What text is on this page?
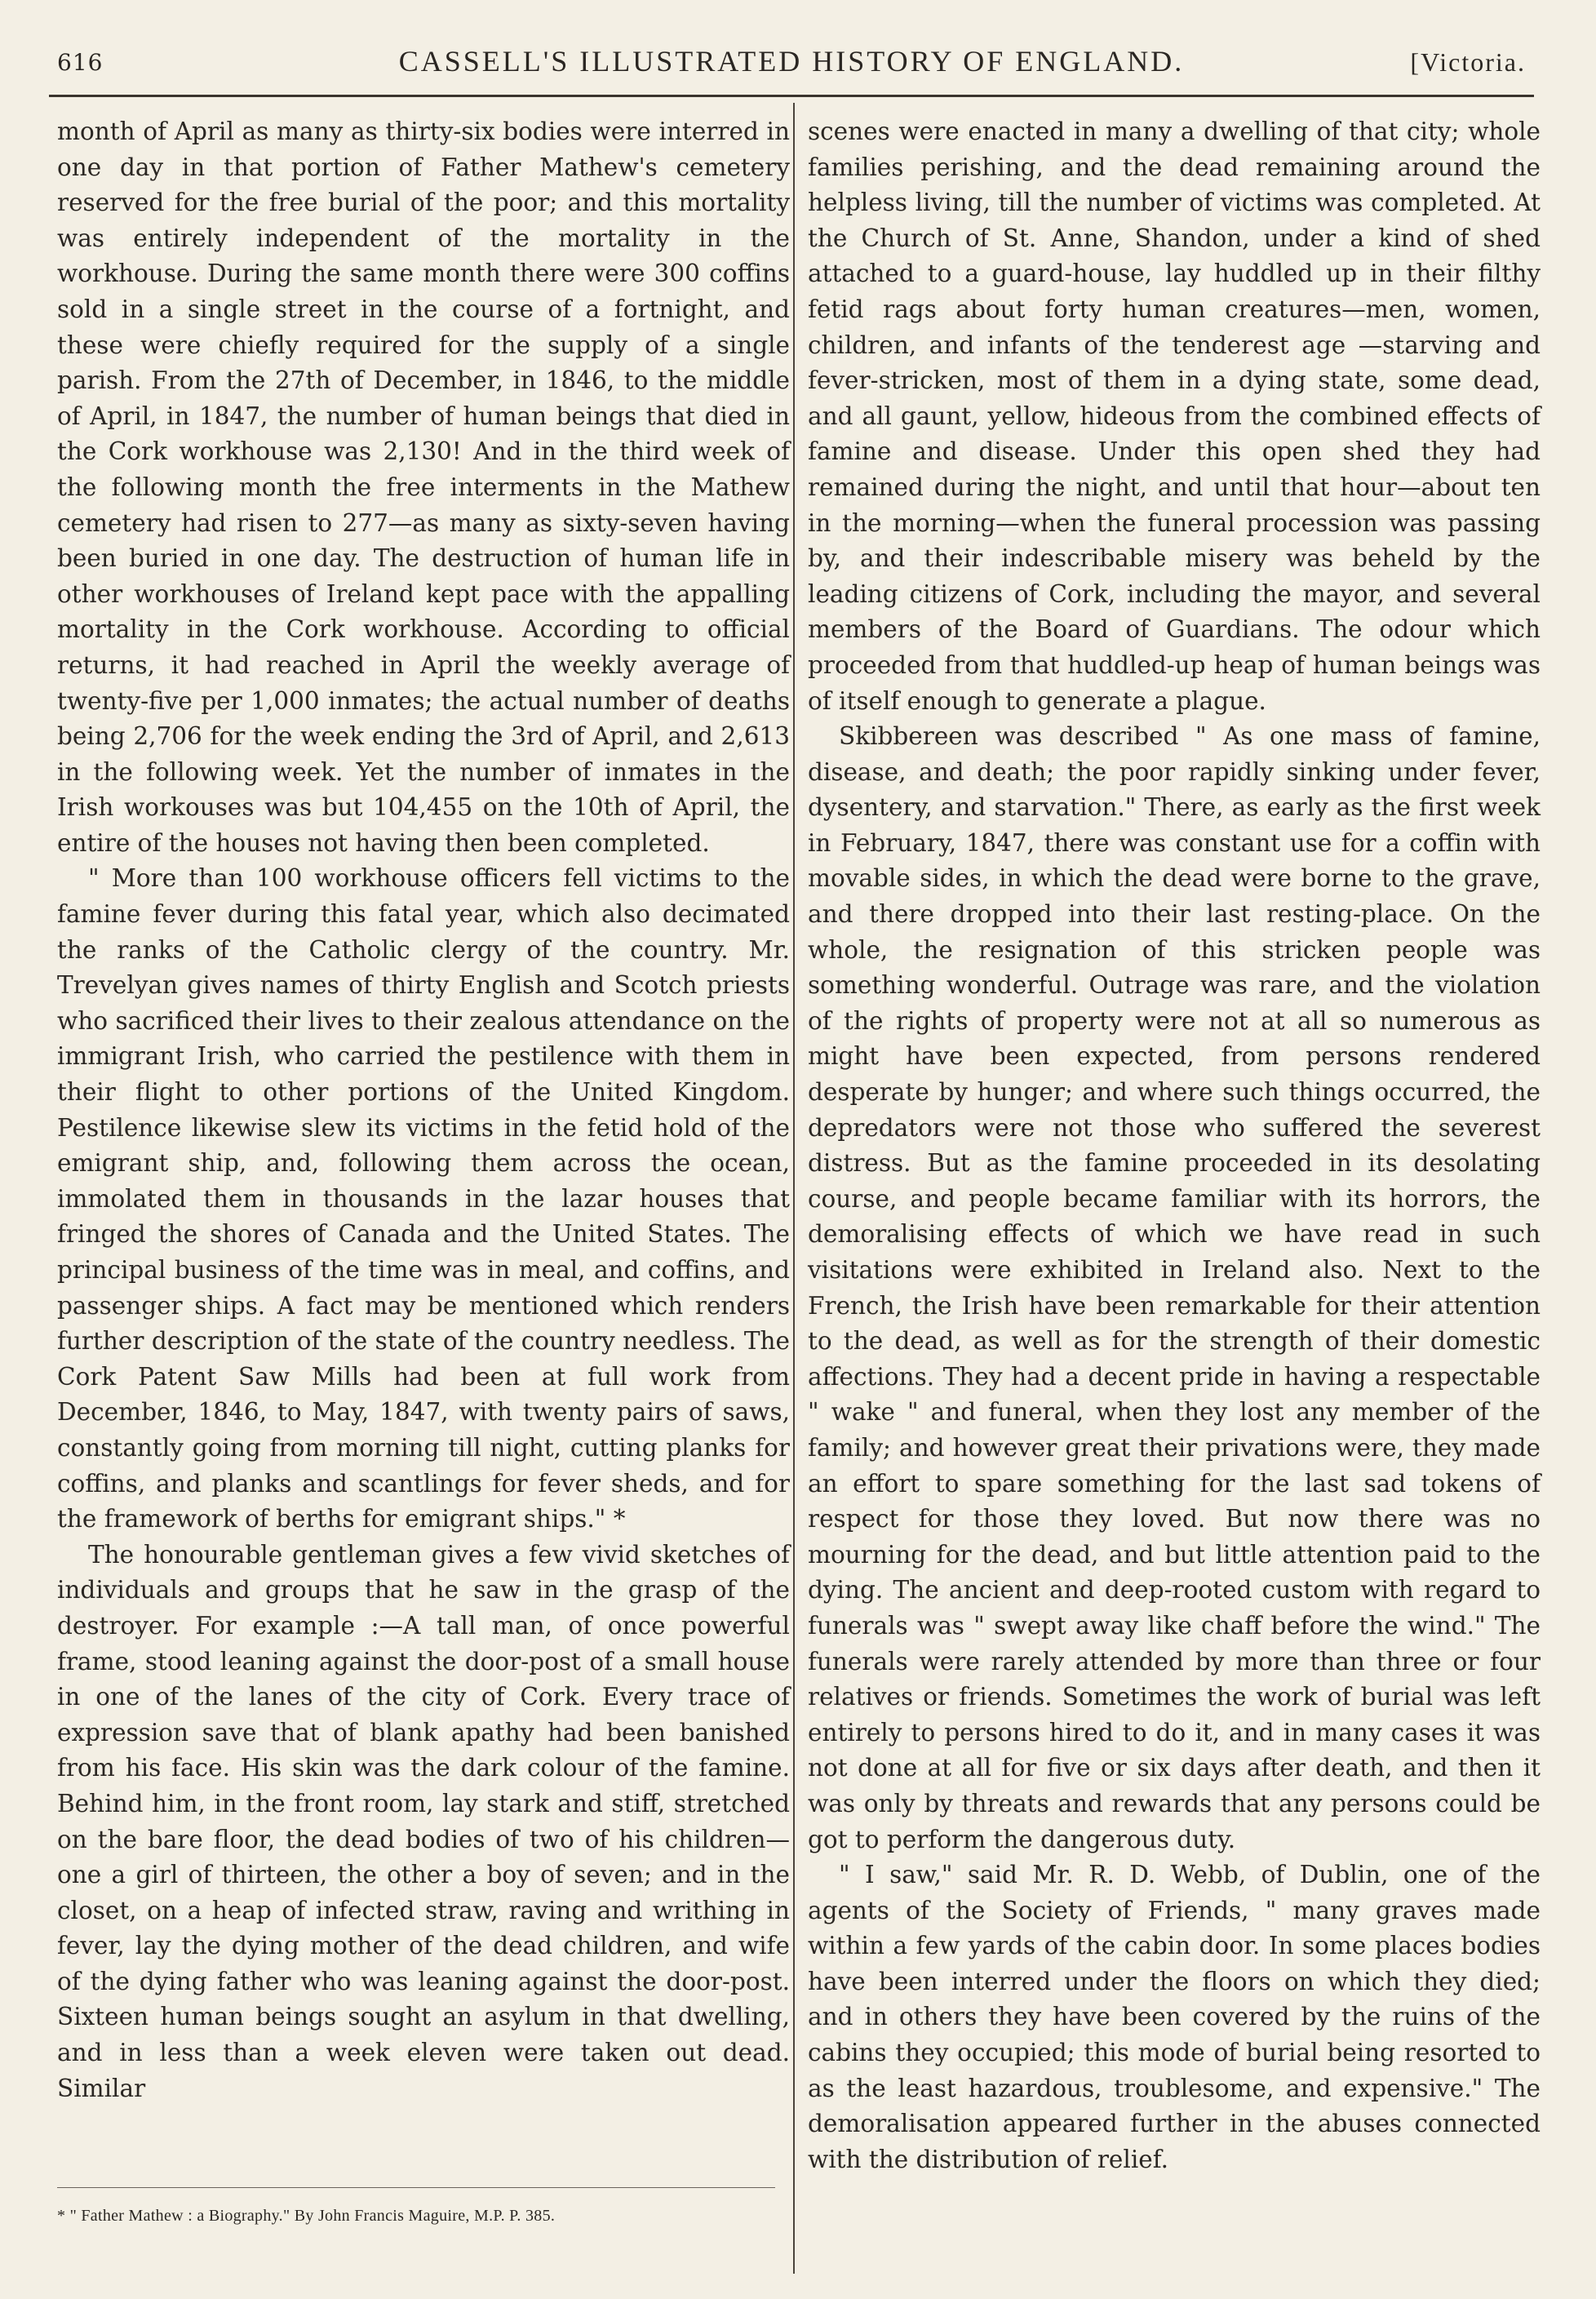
616	CASSELL'S ILLUSTRATED HISTORY OF ENGLAND.	[Victoria.

month of April as many as thirty-six bodies were interred in one day in that portion of Father Mathew's cemetery reserved for the free burial of the poor; and this mortality was entirely independent of the mortality in the workhouse. During the same month there were 300 coffins sold in a single street in the course of a fortnight, and these were chiefly required for the supply of a single parish. From the 27th of December, in 1846, to the middle of April, in 1847, the number of human beings that died in the Cork workhouse was 2,130! And in the third week of the following month the free interments in the Mathew cemetery had risen to 277—as many as sixty-seven having been buried in one day. The destruction of human life in other workhouses of Ireland kept pace with the appalling mortality in the Cork workhouse. According to official returns, it had reached in April the weekly average of twenty-five per 1,000 inmates; the actual number of deaths being 2,706 for the week ending the 3rd of April, and 2,613 in the following week. Yet the number of inmates in the Irish workouses was but 104,455 on the 10th of April, the entire of the houses not having then been completed.

" More than 100 workhouse officers fell victims to the famine fever during this fatal year, which also decimated the ranks of the Catholic clergy of the country. Mr. Trevelyan gives names of thirty English and Scotch priests who sacrificed their lives to their zealous attendance on the immigrant Irish, who carried the pestilence with them in their flight to other portions of the United Kingdom. Pestilence likewise slew its victims in the fetid hold of the emigrant ship, and, following them across the ocean, immolated them in thousands in the lazar houses that fringed the shores of Canada and the United States. The principal business of the time was in meal, and coffins, and passenger ships. A fact may be mentioned which renders further description of the state of the country needless. The Cork Patent Saw Mills had been at full work from December, 1846, to May, 1847, with twenty pairs of saws, constantly going from morning till night, cutting planks for coffins, and planks and scantlings for fever sheds, and for the framework of berths for emigrant ships." *

The honourable gentleman gives a few vivid sketches of individuals and groups that he saw in the grasp of the destroyer. For example :—A tall man, of once powerful frame, stood leaning against the door-post of a small house in one of the lanes of the city of Cork. Every trace of expression save that of blank apathy had been banished from his face. His skin was the dark colour of the famine. Behind him, in the front room, lay stark and stiff, stretched on the bare floor, the dead bodies of two of his children—one a girl of thirteen, the other a boy of seven; and in the closet, on a heap of infected straw, raving and writhing in fever, lay the dying mother of the dead children, and wife of the dying father who was leaning against the door-post. Sixteen human beings sought an asylum in that dwelling, and in less than a week eleven were taken out dead. Similar

scenes were enacted in many a dwelling of that city; whole families perishing, and the dead remaining around the helpless living, till the number of victims was completed. At the Church of St. Anne, Shandon, under a kind of shed attached to a guard-house, lay huddled up in their filthy fetid rags about forty human creatures—men, women, children, and infants of the tenderest age —starving and fever-stricken, most of them in a dying state, some dead, and all gaunt, yellow, hideous from the combined effects of famine and disease. Under this open shed they had remained during the night, and until that hour—about ten in the morning—when the funeral procession was passing by, and their indescribable misery was beheld by the leading citizens of Cork, including the mayor, and several members of the Board of Guardians. The odour which proceeded from that huddled-up heap of human beings was of itself enough to generate a plague.

Skibbereen was described " As one mass of famine, disease, and death; the poor rapidly sinking under fever, dysentery, and starvation." There, as early as the first week in February, 1847, there was constant use for a coffin with movable sides, in which the dead were borne to the grave, and there dropped into their last resting-place. On the whole, the resignation of this stricken people was something wonderful. Outrage was rare, and the violation of the rights of property were not at all so numerous as might have been expected, from persons rendered desperate by hunger; and where such things occurred, the depredators were not those who suffered the severest distress. But as the famine proceeded in its desolating course, and people became familiar with its horrors, the demoralising effects of which we have read in such visitations were exhibited in Ireland also. Next to the French, the Irish have been remarkable for their attention to the dead, as well as for the strength of their domestic affections. They had a decent pride in having a respectable " wake " and funeral, when they lost any member of the family; and however great their privations were, they made an effort to spare something for the last sad tokens of respect for those they loved. But now there was no mourning for the dead, and but little attention paid to the dying. The ancient and deep-rooted custom with regard to funerals was " swept away like chaff before the wind." The funerals were rarely attended by more than three or four relatives or friends. Sometimes the work of burial was left entirely to persons hired to do it, and in many cases it was not done at all for five or six days after death, and then it was only by threats and rewards that any persons could be got to perform the dangerous duty.

" I saw," said Mr. R. D. Webb, of Dublin, one of the agents of the Society of Friends, " many graves made within a few yards of the cabin door. In some places bodies have been interred under the floors on which they died; and in others they have been covered by the ruins of the cabins they occupied; this mode of burial being resorted to as the least hazardous, troublesome, and expensive." The demoralisation appeared further in the abuses connected with the distribution of relief.

* " Father Mathew : a Biography." By John Francis Maguire, M.P. P. 385.
